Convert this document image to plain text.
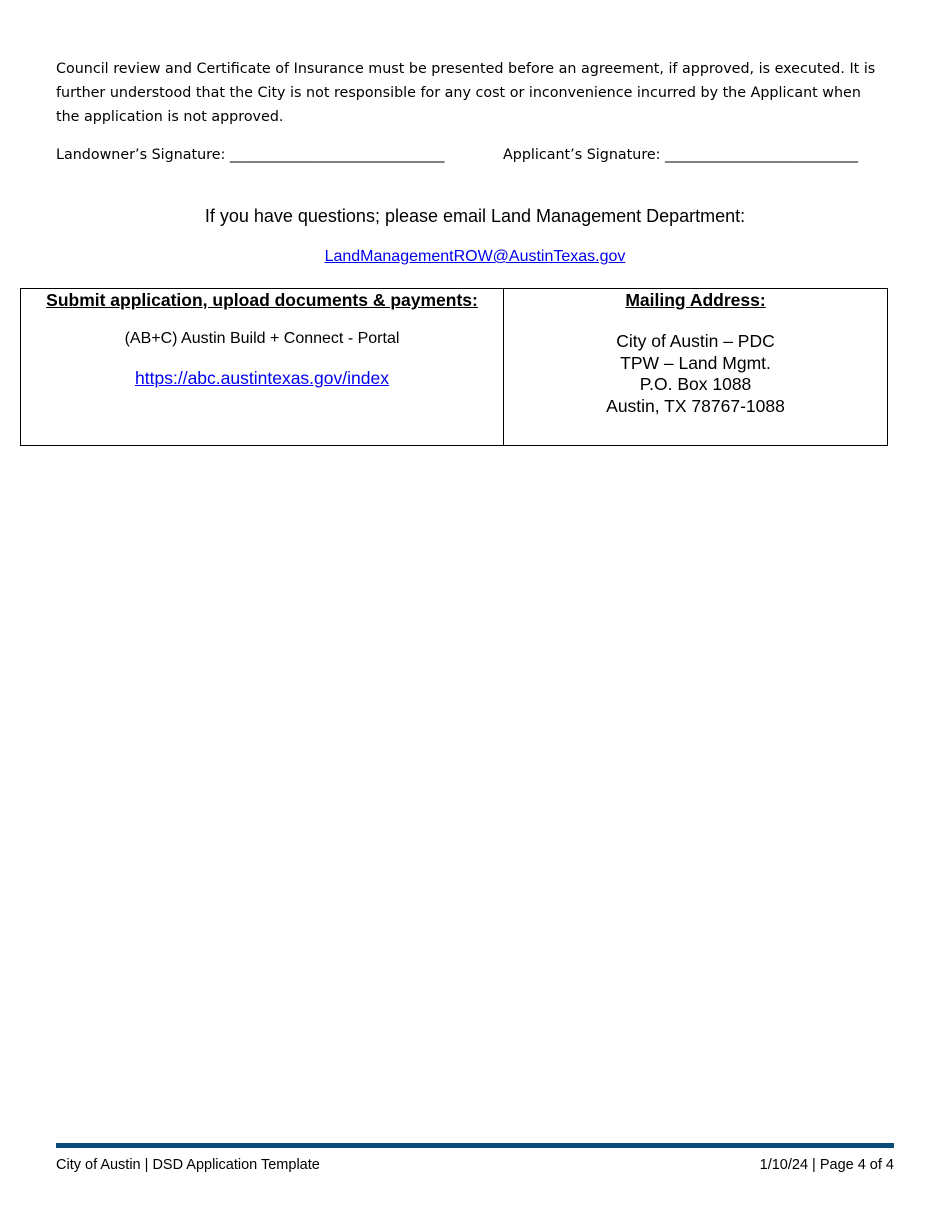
Council review and Certificate of Insurance must be presented before an agreement, if approved, is executed. It is further understood that the City is not responsible for any cost or inconvenience incurred by the Applicant when the application is not approved.

Landowner’s Signature: ______________________________	Applicant’s Signature: ___________________________
If you have questions; please email Land Management Department:
LandManagementROW@AustinTexas.gov
Submit application, upload documents & payments:
(AB+C) Austin Build + Connect - Portal
https://abc.austintexas.gov/index
Mailing Address:
City of Austin – PDC
TPW – Land Mgmt.
P.O. Box 1088
Austin, TX 78767-1088
City of Austin | DSD Application Template	1/10/24 | Page 4 of 4
